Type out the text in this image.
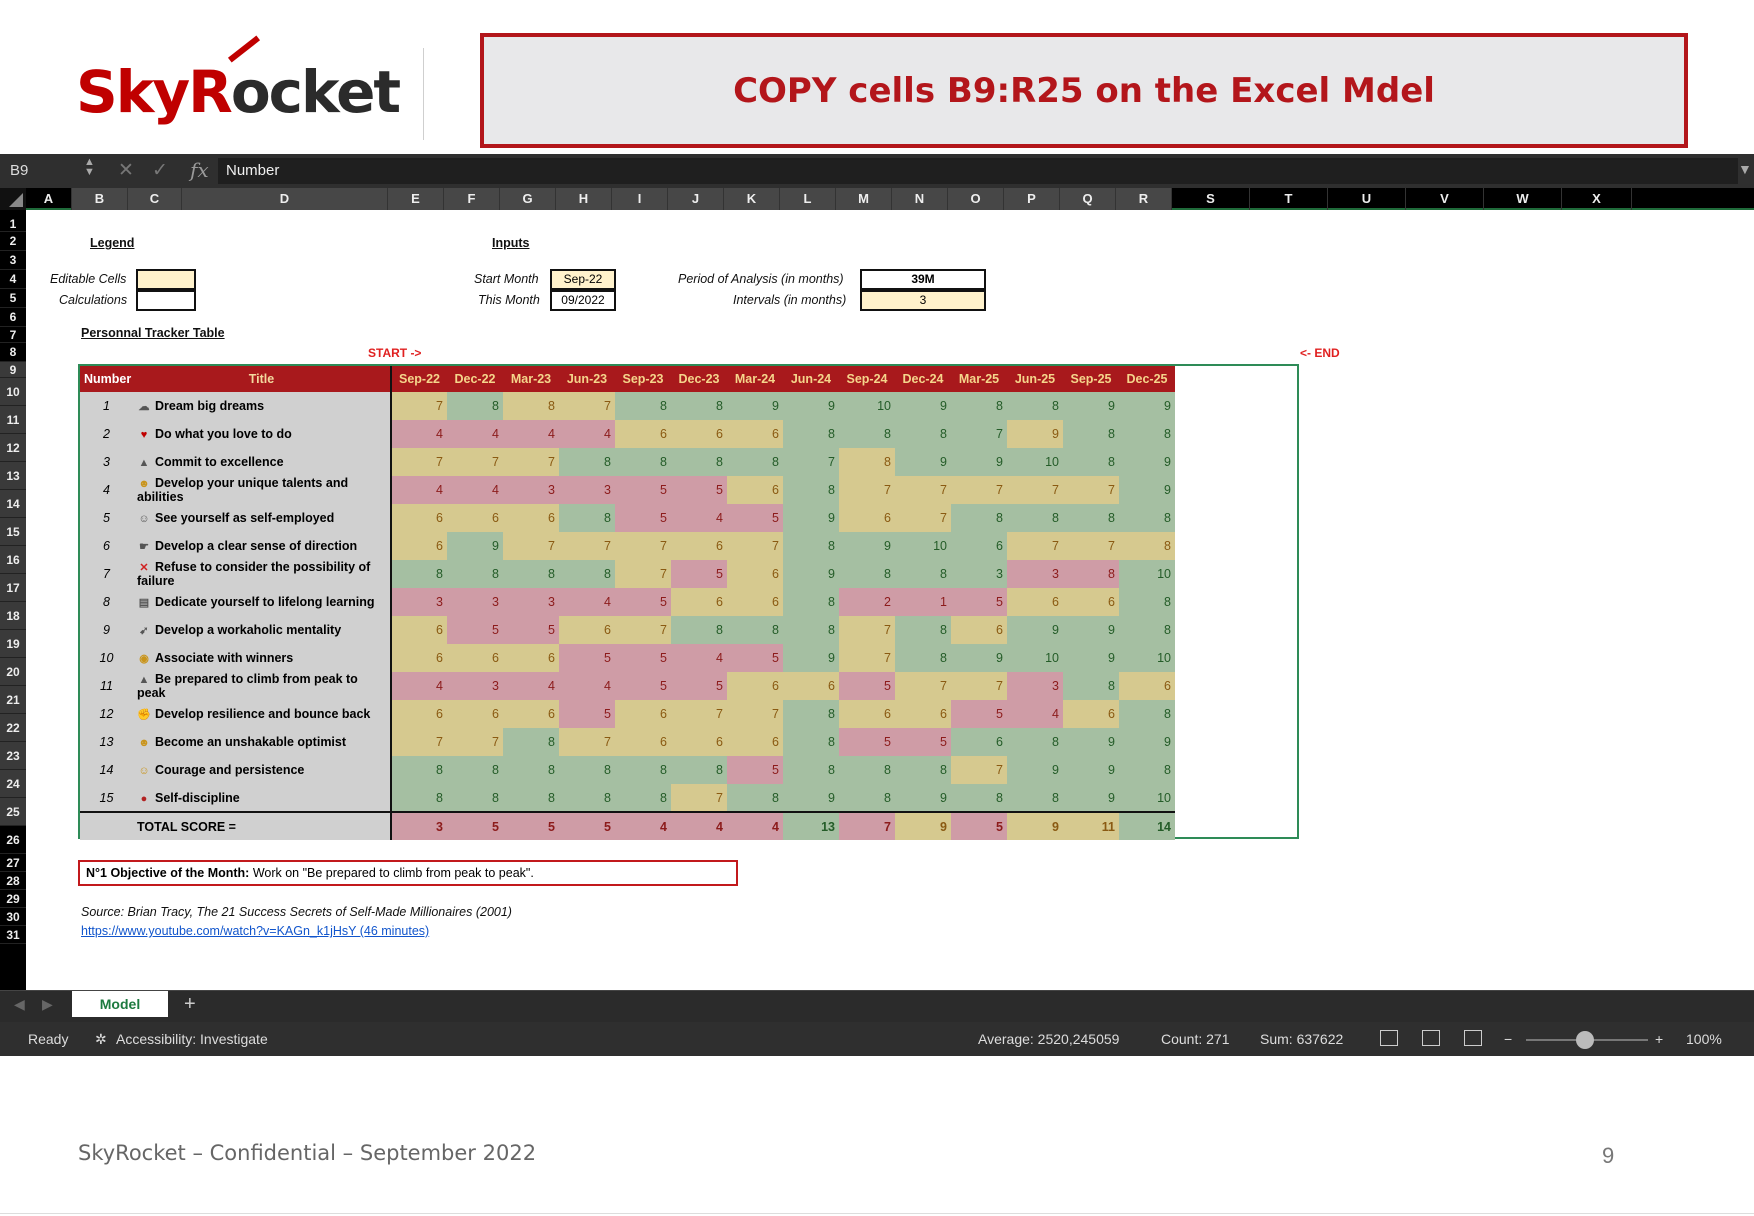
SkyRocket	COPY cells B9:R25 on the Excel Mdel
B9	▲
▼ ✕ ✓ fx	Number	▼
A	B	C	D	E	F	G	H	I	J	K	L	M	N	O	P	Q	R	S	T	U	V	W	X
1
2
3
4
5
6
7
8
9
10
11
12
13
14
15
16
17
18
19
20
21
22
23
24
25
26
27
28
29
30
31
Legend
Editable Cells
Calculations
Inputs
Start Month	Sep-22
This Month	09/2022
Period of Analysis (in months)	39M
Intervals (in months)	3
Personnal Tracker Table
START ->	<- END
Number	Title	Sep-22	Dec-22	Mar-23	Jun-23	Sep-23	Dec-23	Mar-24	Jun-24	Sep-24	Dec-24	Mar-25	Jun-25	Sep-25	Dec-25
1	☁ Dream big dreams	7	8	8	7	8	8	9	9	10	9	8	8	9	9
2	♥ Do what you love to do	4	4	4	4	6	6	6	8	8	8	7	9	8	8
3	▲ Commit to excellence	7	7	7	8	8	8	8	7	8	9	9	10	8	9
4	☻ Develop your unique talents and abilities	4	4	3	3	5	5	6	8	7	7	7	7	7	9
5	☺ See yourself as self-employed	6	6	6	8	5	4	5	9	6	7	8	8	8	8
6	☛ Develop a clear sense of direction	6	9	7	7	7	6	7	8	9	10	6	7	7	8
7	✕ Refuse to consider the possibility of failure	8	8	8	8	7	5	6	9	8	8	3	3	8	10
8	▤ Dedicate yourself to lifelong learning	3	3	3	4	5	6	6	8	2	1	5	6	6	8
9	➹ Develop a workaholic mentality	6	5	5	6	7	8	8	8	7	8	6	9	9	8
10	◉ Associate with winners	6	6	6	5	5	4	5	9	7	8	9	10	9	10
11	▲ Be prepared to climb from peak to peak	4	3	4	4	5	5	6	6	5	7	7	3	8	6
12	✊ Develop resilience and bounce back	6	6	6	5	6	7	7	8	6	6	5	4	6	8
13	☻ Become an unshakable optimist	7	7	8	7	6	6	6	8	5	5	6	8	9	9
14	☺ Courage and persistence	8	8	8	8	8	8	5	8	8	8	7	9	9	8
15	● Self-discipline	8	8	8	8	8	7	8	9	8	9	8	8	9	10
	TOTAL SCORE =	3	5	5	5	4	4	4	13	7	9	5	9	11	14
N°1 Objective of the Month: Work on "Be prepared to climb from peak to peak".
Source: Brian Tracy, The 21 Success Secrets of Self-Made Millionaires (2001)
https://www.youtube.com/watch?v=KAGn_k1jHsY (46 minutes)
◀ ▶	Model	+
Ready ✲ Accessibility: Investigate	Average: 2520,245059	Count: 271 Sum: 637622	−	+ 100%
SkyRocket – Confidential – September 2022	9
